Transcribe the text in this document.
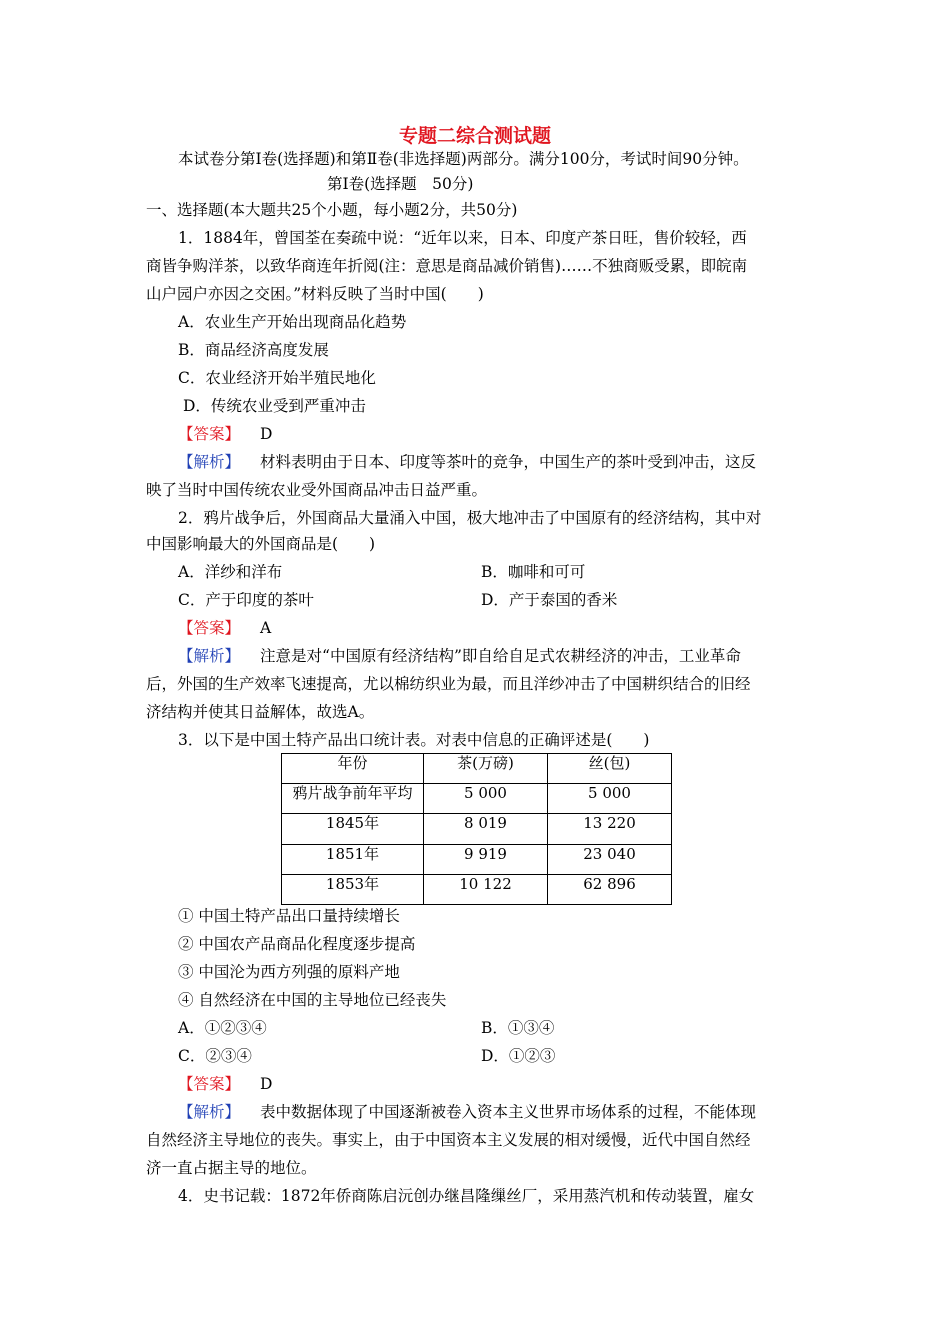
专题二综合测试题
本试卷分第Ⅰ卷(选择题)和第Ⅱ卷(非选择题)两部分。满分100分，考试时间90分钟。
第Ⅰ卷(选择题　50分)
一、选择题(本大题共25个小题，每小题2分，共50分)
1．1884年，曾国荃在奏疏中说：“近年以来，日本、印度产茶日旺，售价较轻，西
商皆争购洋茶，以致华商连年折阅(注：意思是商品减价销售)……不独商贩受累，即皖南
山户园户亦因之交困。”材料反映了当时中国(　　)
A．农业生产开始出现商品化趋势
B．商品经济高度发展
C．农业经济开始半殖民地化
D．传统农业受到严重冲击
【答案】 D
【解析】 材料表明由于日本、印度等茶叶的竞争，中国生产的茶叶受到冲击，这反
映了当时中国传统农业受外国商品冲击日益严重。
2．鸦片战争后，外国商品大量涌入中国，极大地冲击了中国原有的经济结构，其中对
中国影响最大的外国商品是(　　)
A．洋纱和洋布	B．咖啡和可可
C．产于印度的茶叶	D．产于泰国的香米
【答案】 A
【解析】 注意是对“中国原有经济结构”即自给自足式农耕经济的冲击，工业革命
后，外国的生产效率飞速提高，尤以棉纺织业为最，而且洋纱冲击了中国耕织结合的旧经
济结构并使其日益解体，故选A。
3．以下是中国土特产品出口统计表。对表中信息的正确评述是(　　)
年份	茶(万磅)	丝(包)
鸦片战争前年平均	5 000	5 000
1845年	8 019	13 220
1851年	9 919	23 040
1853年	10 122	62 896
① 中国土特产品出口量持续增长
② 中国农产品商品化程度逐步提高
③ 中国沦为西方列强的原料产地
④ 自然经济在中国的主导地位已经丧失
A．①②③④	B．①③④
C．②③④	D．①②③
【答案】 D
【解析】 表中数据体现了中国逐渐被卷入资本主义世界市场体系的过程，不能体现
自然经济主导地位的丧失。事实上，由于中国资本主义发展的相对缓慢，近代中国自然经
济一直占据主导的地位。
4．史书记载：1872年侨商陈启沅创办继昌隆缫丝厂，采用蒸汽机和传动装置，雇女
